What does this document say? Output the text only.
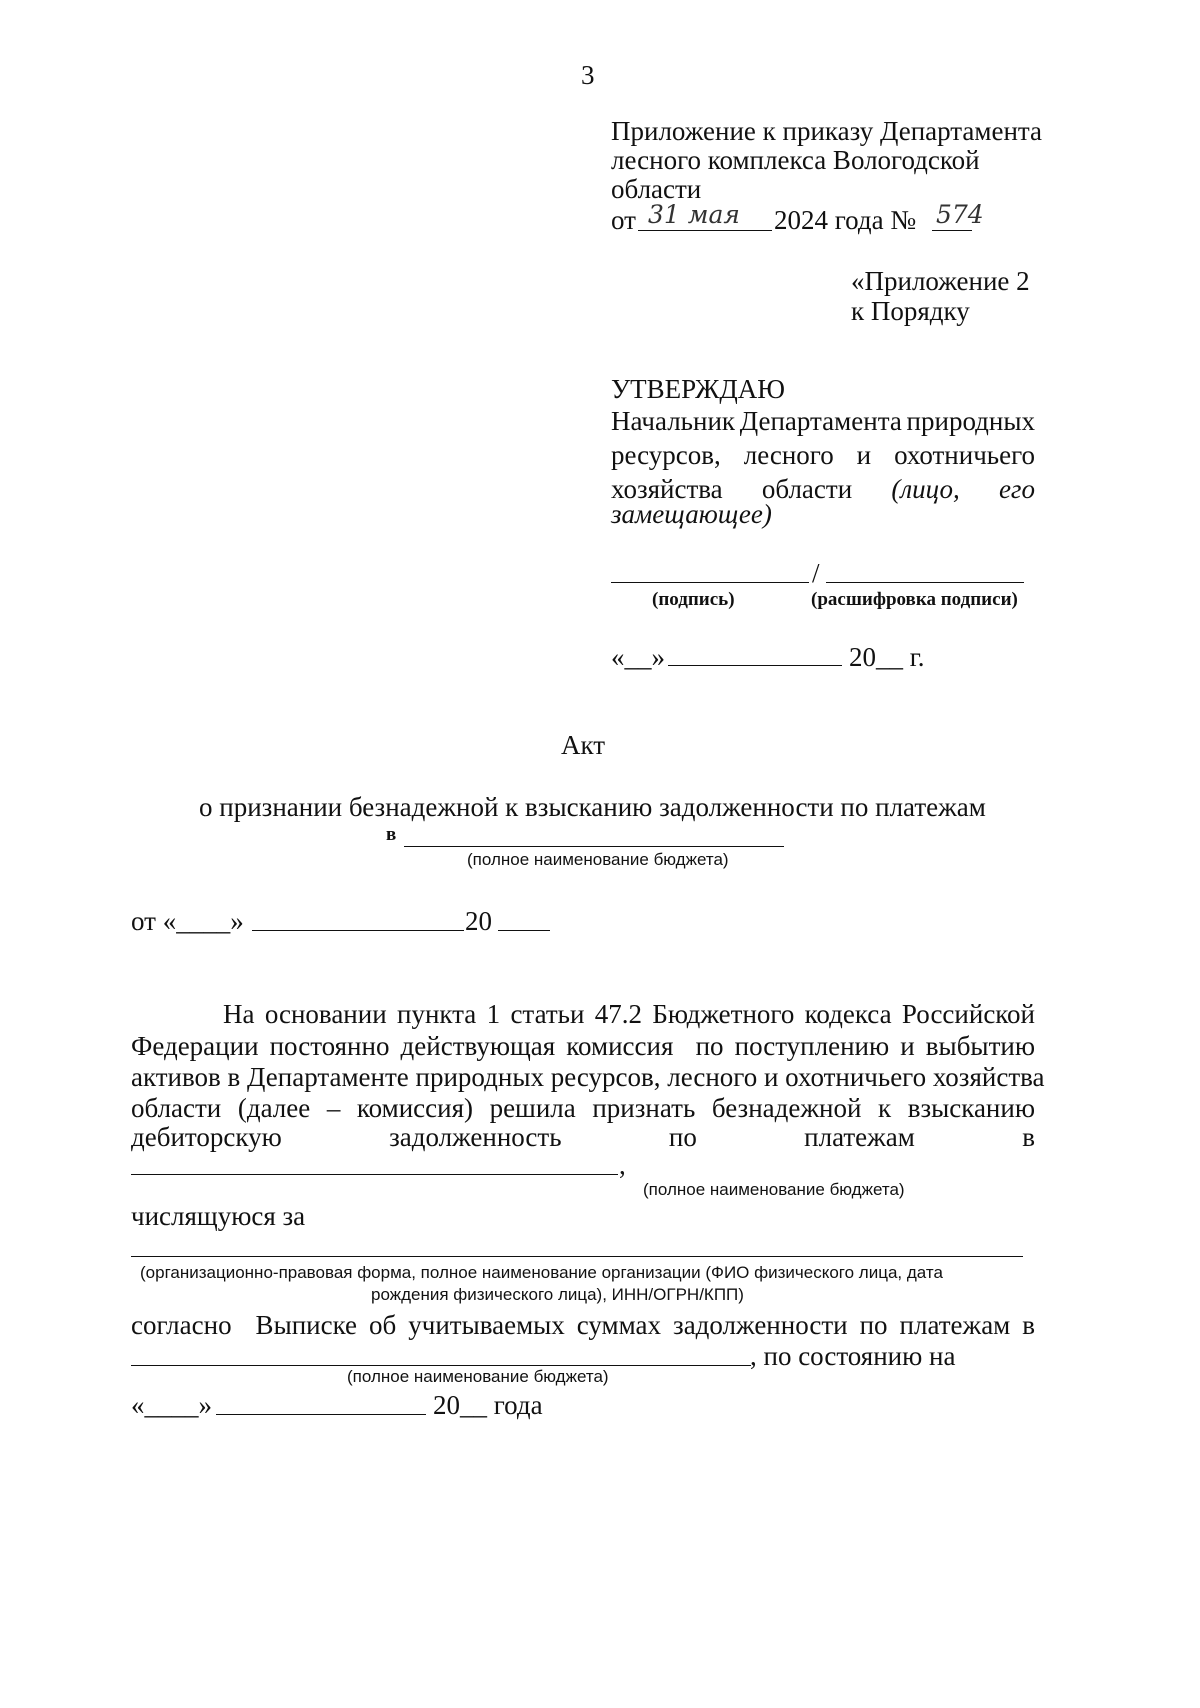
3
Приложение к приказу Департамента
лесного комплекса Вологодской
области
от 31 мая 2024 года № 574
«Приложение 2
к Порядку
УТВЕРЖДАЮ
Начальник Департамента природных
ресурсов, лесного и охотничьего
хозяйства области (лицо, его
замещающее)
/
(подпись)	(расшифровка подписи)
«__»	20__ г.
Акт
о признании безнадежной к взысканию задолженности по платежам
в
(полное наименование бюджета)
от «____»	20
На основании пункта 1 статьи 47.2 Бюджетного кодекса Российской
Федерации постоянно действующая комиссия  по поступлению и выбытию
активов в Департаменте природных ресурсов, лесного и охотничьего хозяйства
области (далее – комиссия) решила признать безнадежной к взысканию
дебиторскую	задолженность	по	платежам	в
,
(полное наименование бюджета)
числящуюся за
(организационно-правовая форма, полное наименование организации (ФИО физического лица, дата
рождения физического лица), ИНН/ОГРН/КПП)
согласно  Выписке об учитываемых суммах задолженности по платежам в
, по состоянию на
(полное наименование бюджета)
«____»	20__ года
